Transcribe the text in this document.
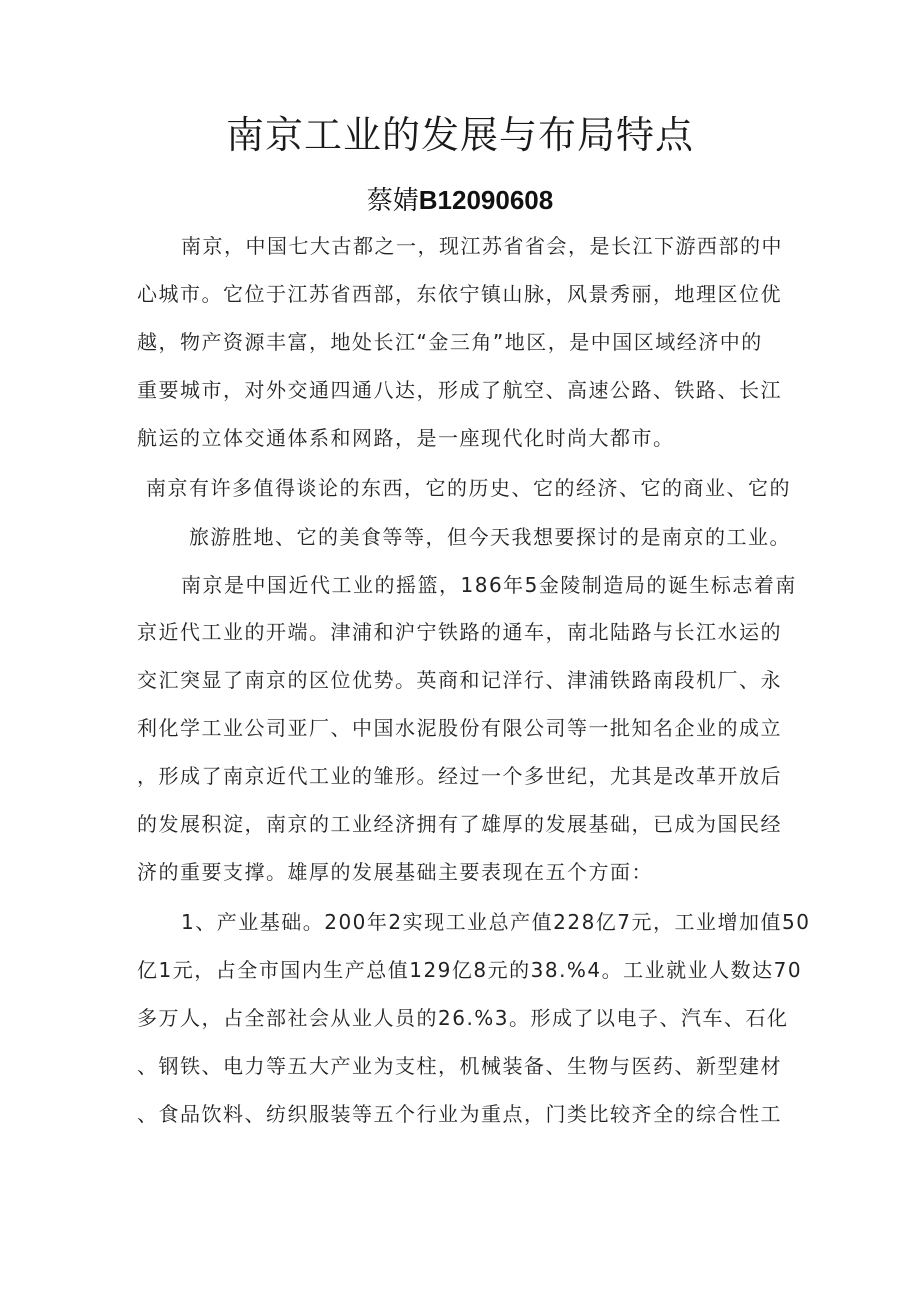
南京工业的发展与布局特点
蔡婧B12090608
南京，中国七大古都之一，现江苏省省会，是长江下游西部的中
心城市。它位于江苏省西部，东依宁镇山脉，风景秀丽，地理区位优
越，物产资源丰富，地处长江“金三角”地区，是中国区域经济中的
重要城市，对外交通四通八达，形成了航空、高速公路、铁路、长江
航运的立体交通体系和网路，是一座现代化时尚大都市。
南京有许多值得谈论的东西，它的历史、它的经济、它的商业、它的
旅游胜地、它的美食等等，但今天我想要探讨的是南京的工业。
南京是中国近代工业的摇篮，186年5金陵制造局的诞生标志着南
京近代工业的开端。津浦和沪宁铁路的通车，南北陆路与长江水运的
交汇突显了南京的区位优势。英商和记洋行、津浦铁路南段机厂、永
利化学工业公司亚厂、中国水泥股份有限公司等一批知名企业的成立
，形成了南京近代工业的雏形。经过一个多世纪，尤其是改革开放后
的发展积淀，南京的工业经济拥有了雄厚的发展基础，已成为国民经
济的重要支撑。雄厚的发展基础主要表现在五个方面：
1、产业基础。200年2实现工业总产值228亿7元，工业增加值50
亿1元，占全市国内生产总值129亿8元的38.%4。工业就业人数达70
多万人，占全部社会从业人员的26.%3。形成了以电子、汽车、石化
、钢铁、电力等五大产业为支柱，机械装备、生物与医药、新型建材
、食品饮料、纺织服装等五个行业为重点，门类比较齐全的综合性工
